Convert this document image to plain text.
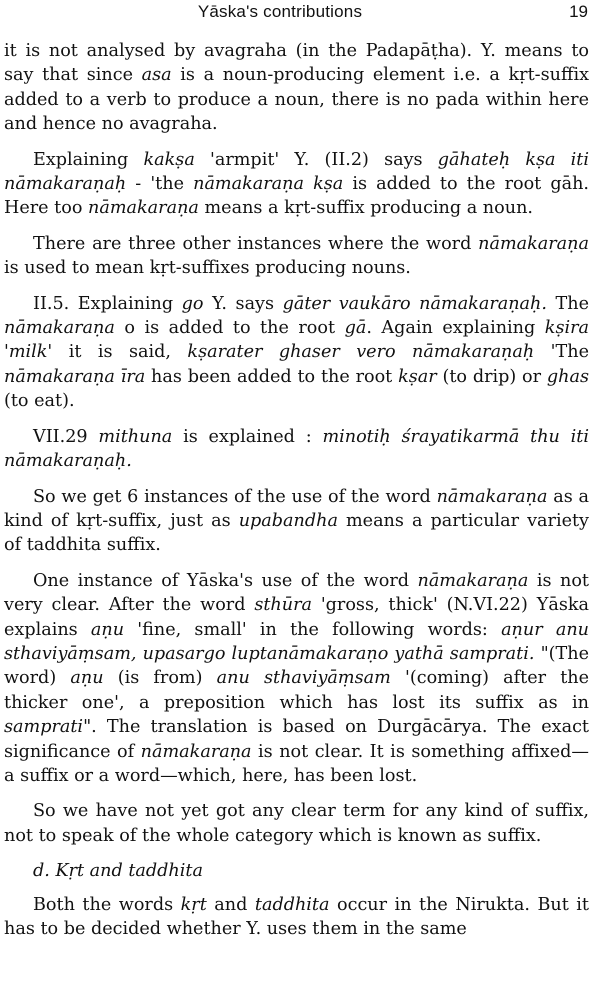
Yāska's contributions	19

it is not analysed by avagraha (in the Padapāṭha). Y. means to say that since asa is a noun-producing element i.e. a kṛt-suffix added to a verb to produce a noun, there is no pada within here and hence no avagraha.

Explaining kakṣa 'armpit' Y. (II.2) says gāhateḥ kṣa iti nāmakaraṇaḥ - 'the nāmakaraṇa kṣa is added to the root gāh. Here too nāmakaraṇa means a kṛt-suffix producing a noun.

There are three other instances where the word nāmakaraṇa is used to mean kṛt-suffixes producing nouns.

II.5. Explaining go Y. says gāter vaukāro nāmakaraṇaḥ. The nāmakaraṇa o is added to the root gā. Again explaining kṣira 'milk' it is said, kṣarater ghaser vero nāmakaraṇaḥ 'The nāmakaraṇa īra has been added to the root kṣar (to drip) or ghas (to eat).

VII.29 mithuna is explained : minotiḥ śrayatikarmā thu iti nāmakaraṇaḥ.

So we get 6 instances of the use of the word nāmakaraṇa as a kind of kṛt-suffix, just as upabandha means a particular variety of taddhita suffix.

One instance of Yāska's use of the word nāmakaraṇa is not very clear. After the word sthūra 'gross, thick' (N.VI.22) Yāska explains aṇu 'fine, small' in the following words: aṇur anu sthaviyāṃsam, upasargo luptanāmakaraṇo yathā samprati. "(The word) aṇu (is from) anu sthaviyāṃsam '(coming) after the thicker one', a preposition which has lost its suffix as in samprati". The translation is based on Durgācārya. The exact significance of nāmakaraṇa is not clear. It is something affixed—a suffix or a word—which, here, has been lost.

So we have not yet got any clear term for any kind of suffix, not to speak of the whole category which is known as suffix.

d. Kṛt and taddhita

Both the words kṛt and taddhita occur in the Nirukta. But it has to be decided whether Y. uses them in the same
